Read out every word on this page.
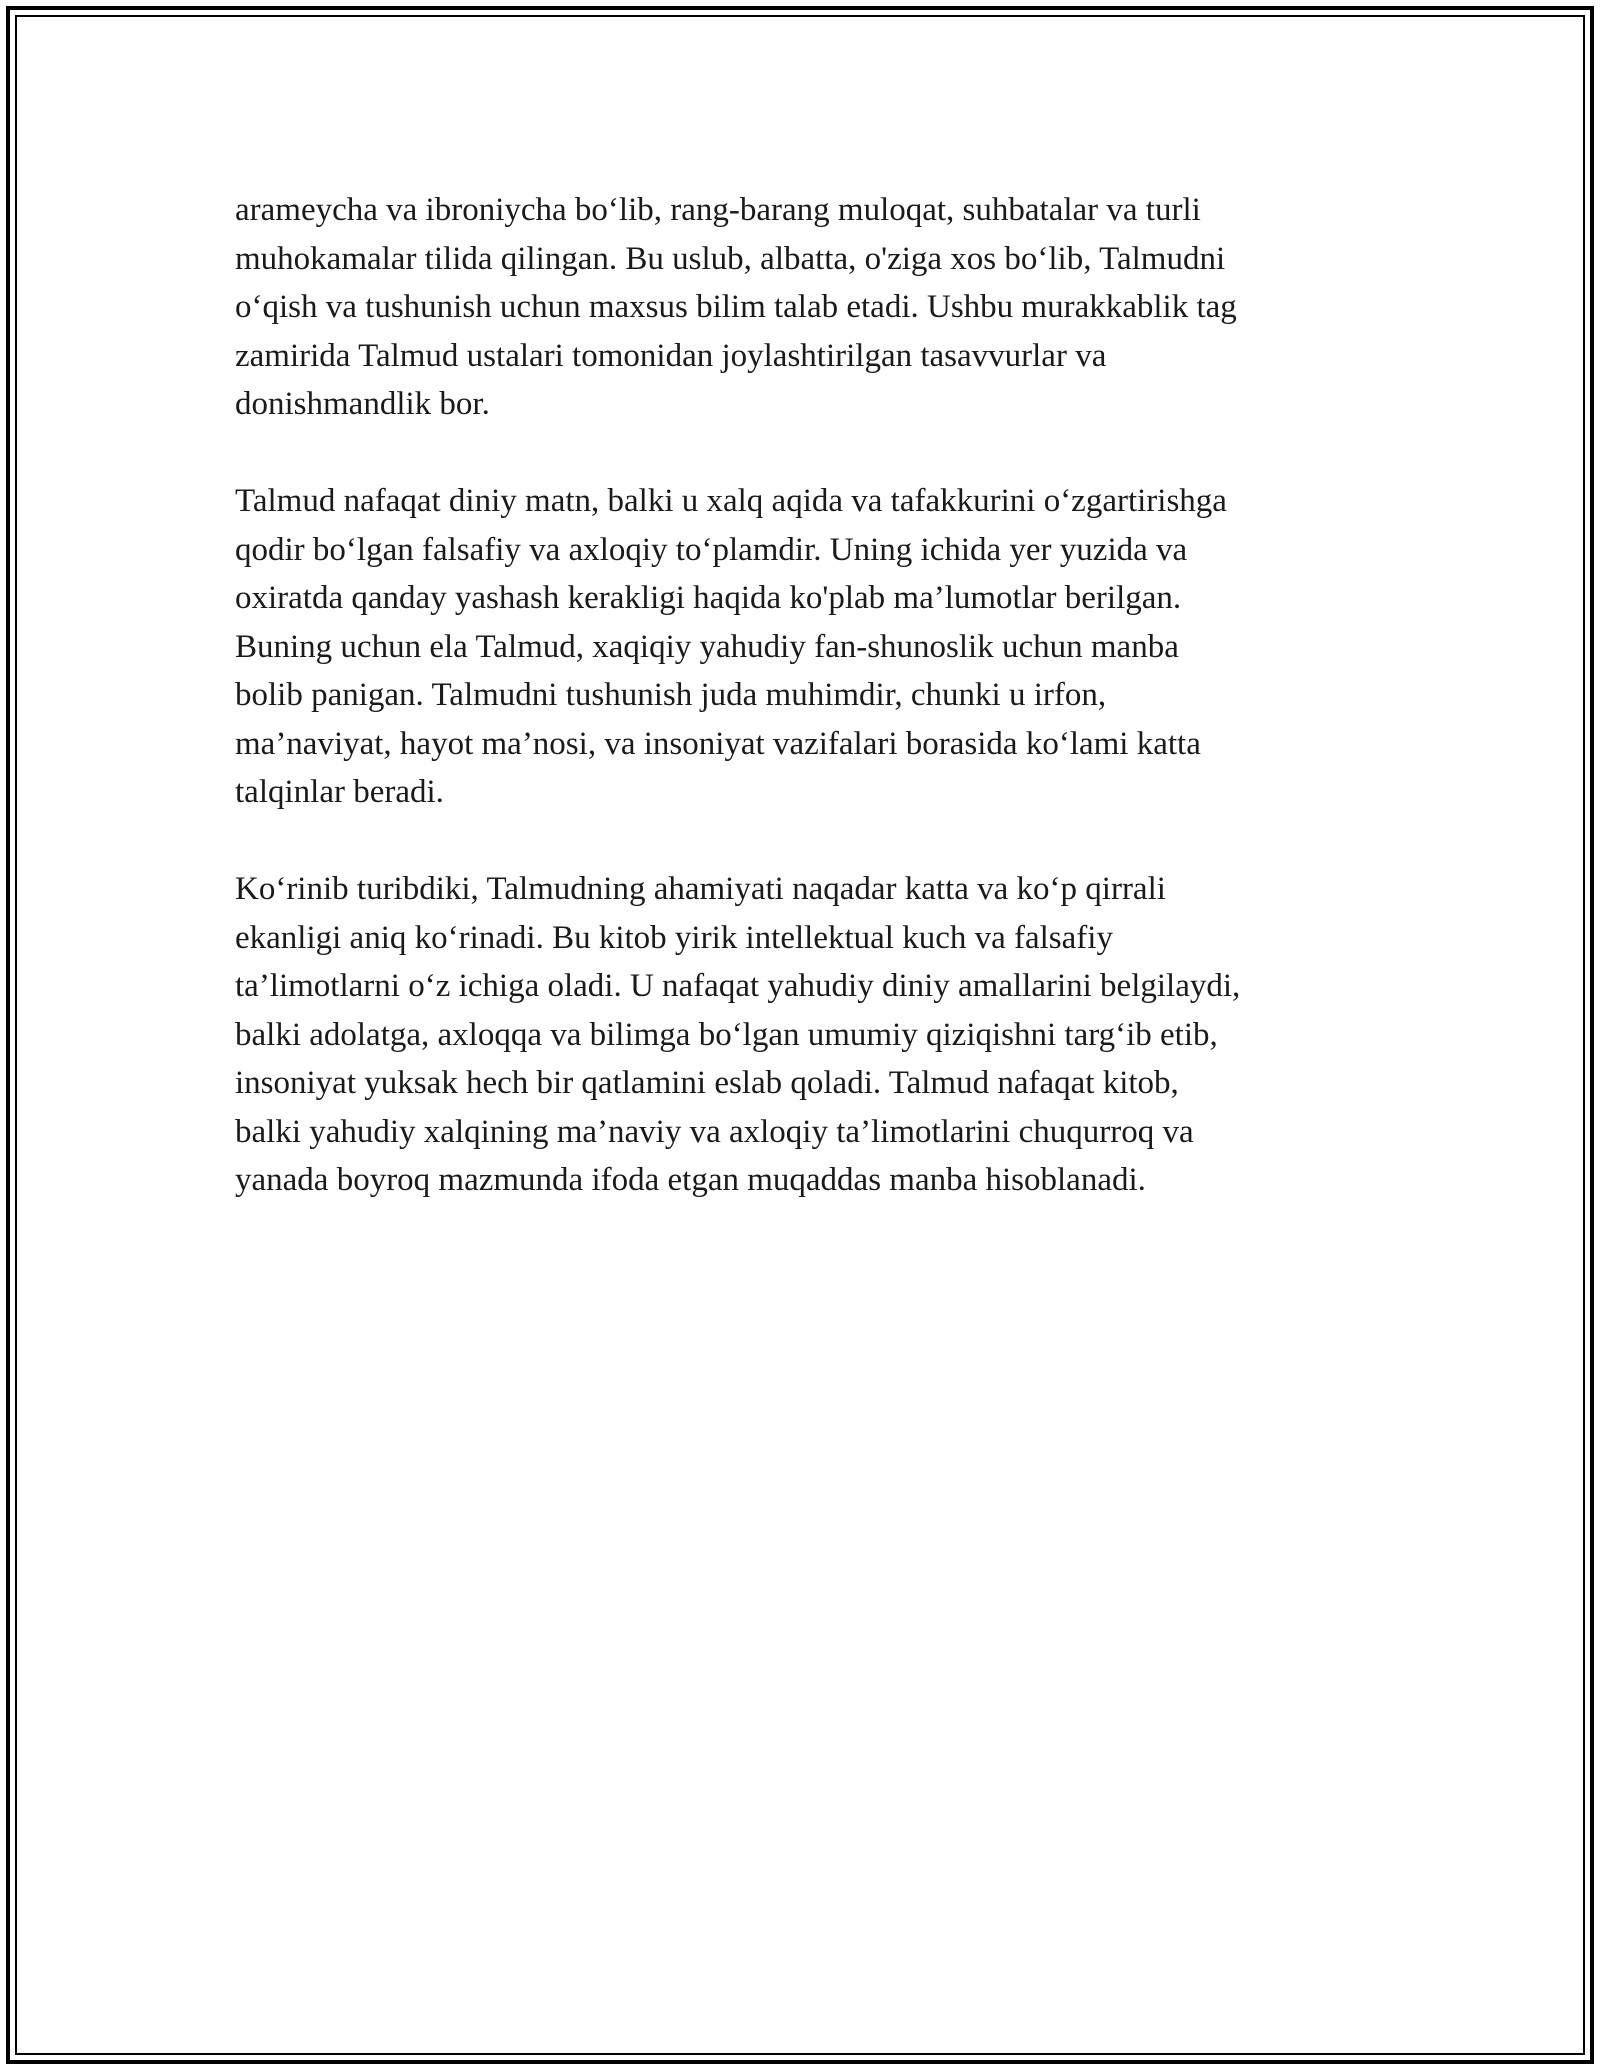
arameycha va ibroniycha bo‘lib, rang-barang muloqat, suhbatalar va turli
muhokamalar tilida qilingan. Bu uslub, albatta, o'ziga xos bo‘lib, Talmudni
o‘qish va tushunish uchun maxsus bilim talab etadi. Ushbu murakkablik tag
zamirida Talmud ustalari tomonidan joylashtirilgan tasavvurlar va
donishmandlik bor.

Talmud nafaqat diniy matn, balki u xalq aqida va tafakkurini o‘zgartirishga
qodir bo‘lgan falsafiy va axloqiy to‘plamdir. Uning ichida yer yuzida va
oxiratda qanday yashash kerakligi haqida ko'plab ma’lumotlar berilgan.
Buning uchun ela Talmud, xaqiqiy yahudiy fan-shunoslik uchun manba
bolib panigan. Talmudni tushunish juda muhimdir, chunki u irfon,
ma’naviyat, hayot ma’nosi, va insoniyat vazifalari borasida ko‘lami katta
talqinlar beradi.

Ko‘rinib turibdiki, Talmudning ahamiyati naqadar katta va ko‘p qirrali
ekanligi aniq ko‘rinadi. Bu kitob yirik intellektual kuch va falsafiy
ta’limotlarni o‘z ichiga oladi. U nafaqat yahudiy diniy amallarini belgilaydi,
balki adolatga, axloqqa va bilimga bo‘lgan umumiy qiziqishni targ‘ib etib,
insoniyat yuksak hech bir qatlamini eslab qoladi. Talmud nafaqat kitob,
balki yahudiy xalqining ma’naviy va axloqiy ta’limotlarini chuqurroq va
yanada boyroq mazmunda ifoda etgan muqaddas manba hisoblanadi.
